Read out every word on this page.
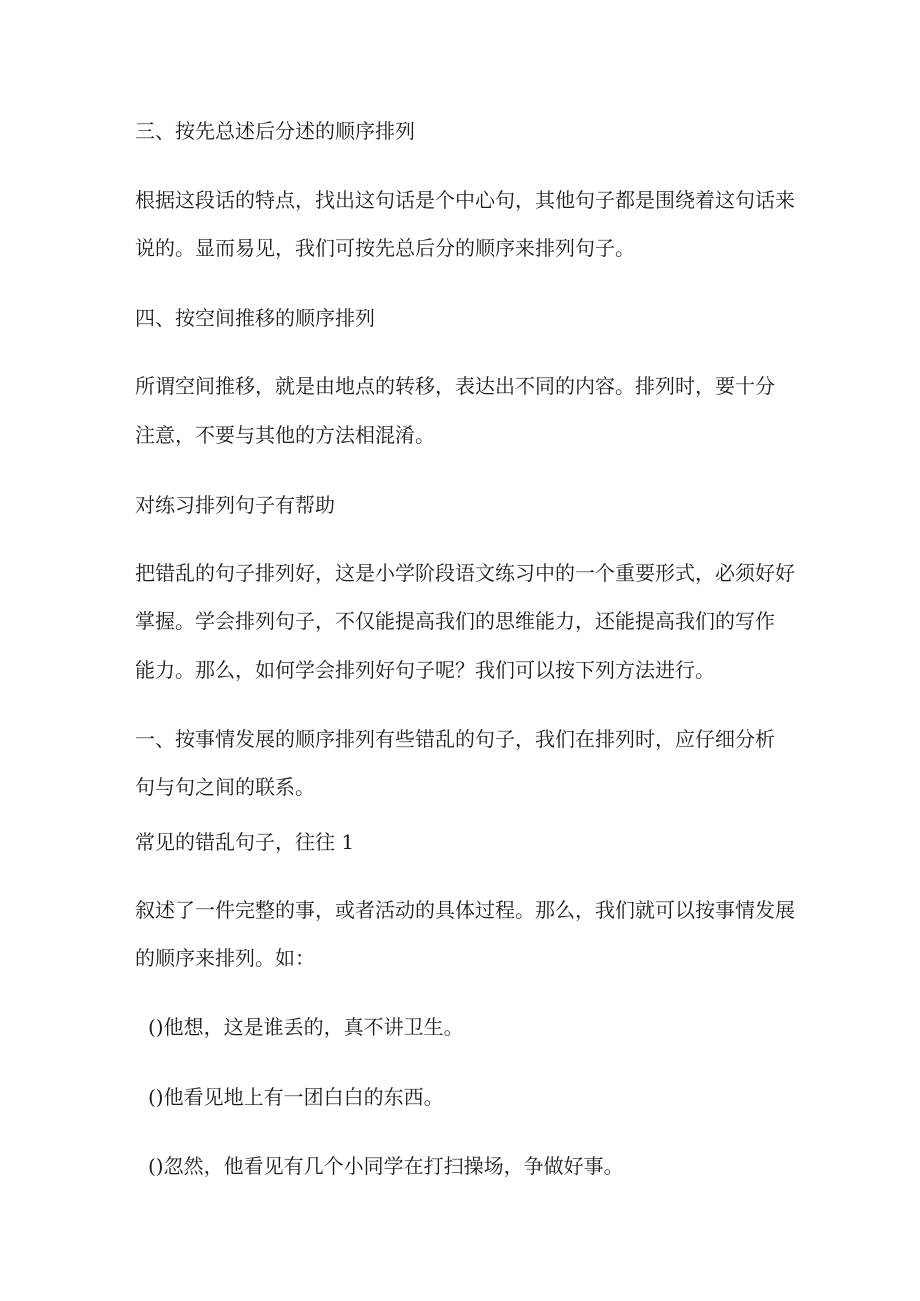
三、按先总述后分述的顺序排列
根据这段话的特点，找出这句话是个中心句，其他句子都是围绕着这句话来
说的。显而易见，我们可按先总后分的顺序来排列句子。
四、按空间推移的顺序排列
所谓空间推移，就是由地点的转移，表达出不同的内容。排列时，要十分
注意，不要与其他的方法相混淆。
对练习排列句子有帮助
把错乱的句子排列好，这是小学阶段语文练习中的一个重要形式，必须好好
掌握。学会排列句子，不仅能提高我们的思维能力，还能提高我们的写作
能力。那么，如何学会排列好句子呢？我们可以按下列方法进行。
一、按事情发展的顺序排列有些错乱的句子，我们在排列时，应仔细分析
句与句之间的联系。
常见的错乱句子，往往 1
叙述了一件完整的事，或者活动的具体过程。那么，我们就可以按事情发展
的顺序来排列。如：
()他想，这是谁丢的，真不讲卫生。
()他看见地上有一团白白的东西。
()忽然，他看见有几个小同学在打扫操场，争做好事。
